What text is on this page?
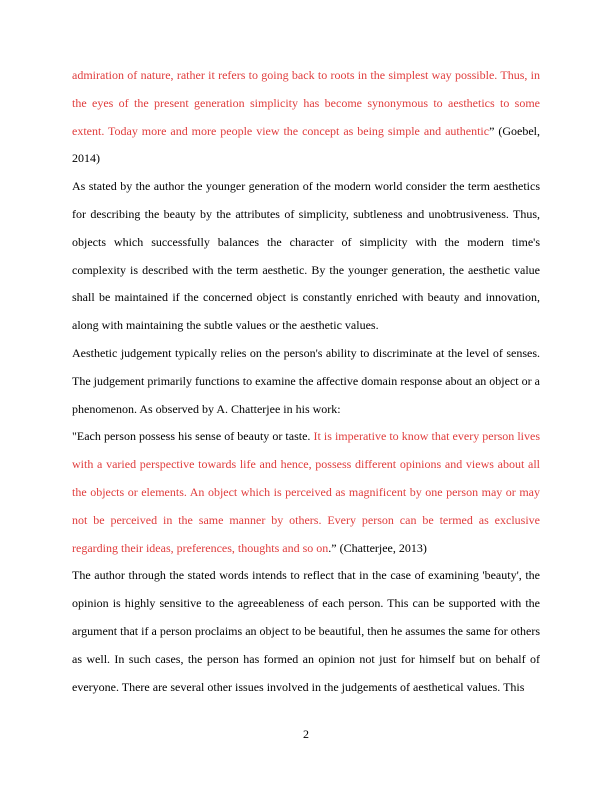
admiration of nature, rather it refers to going back to roots in the simplest way possible. Thus, in the eyes of the present generation simplicity has become synonymous to aesthetics to some extent. Today more and more people view the concept as being simple and authentic” (Goebel, 2014)

As stated by the author the younger generation of the modern world consider the term aesthetics for describing the beauty by the attributes of simplicity, subtleness and unobtrusiveness. Thus, objects which successfully balances the character of simplicity with the modern time's complexity is described with the term aesthetic. By the younger generation, the aesthetic value shall be maintained if the concerned object is constantly enriched with beauty and innovation, along with maintaining the subtle values or the aesthetic values.

Aesthetic judgement typically relies on the person's ability to discriminate at the level of senses. The judgement primarily functions to examine the affective domain response about an object or a phenomenon. As observed by A. Chatterjee in his work:

"Each person possess his sense of beauty or taste. It is imperative to know that every person lives with a varied perspective towards life and hence, possess different opinions and views about all the objects or elements. An object which is perceived as magnificent by one person may or may not be perceived in the same manner by others. Every person can be termed as exclusive regarding their ideas, preferences, thoughts and so on.” (Chatterjee, 2013)

The author through the stated words intends to reflect that in the case of examining 'beauty', the opinion is highly sensitive to the agreeableness of each person. This can be supported with the argument that if a person proclaims an object to be beautiful, then he assumes the same for others as well. In such cases, the person has formed an opinion not just for himself but on behalf of everyone. There are several other issues involved in the judgements of aesthetical values. This

2
